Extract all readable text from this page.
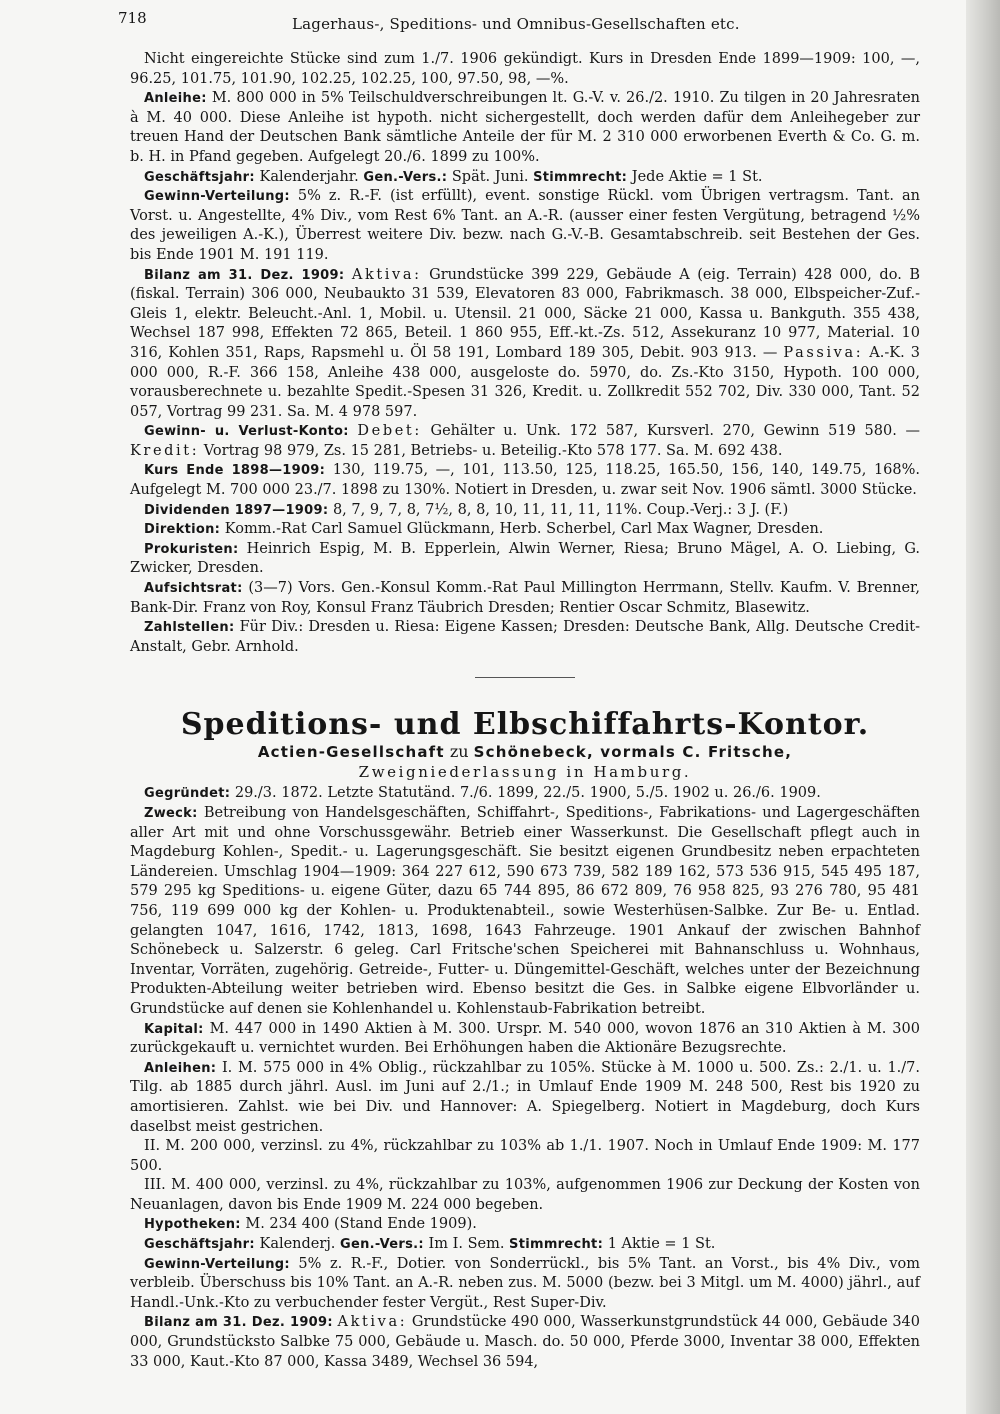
718	Lagerhaus-, Speditions- und Omnibus-Gesellschaften etc.

Nicht eingereichte Stücke sind zum 1./7. 1906 gekündigt. Kurs in Dresden Ende 1899—1909: 100, —, 96.25, 101.75, 101.90, 102.25, 102.25, 100, 97.50, 98, —%.

Anleihe: M. 800 000 in 5% Teilschuldverschreibungen lt. G.-V. v. 26./2. 1910. Zu tilgen in 20 Jahresraten à M. 40 000. Diese Anleihe ist hypoth. nicht sichergestellt, doch werden dafür dem Anleihegeber zur treuen Hand der Deutschen Bank sämtliche Anteile der für M. 2 310 000 erworbenen Everth & Co. G. m. b. H. in Pfand gegeben. Aufgelegt 20./6. 1899 zu 100%.

Geschäftsjahr: Kalenderjahr. Gen.-Vers.: Spät. Juni. Stimmrecht: Jede Aktie = 1 St.

Gewinn-Verteilung: 5% z. R.-F. (ist erfüllt), event. sonstige Rückl. vom Übrigen vertragsm. Tant. an Vorst. u. Angestellte, 4% Div., vom Rest 6% Tant. an A.-R. (ausser einer festen Vergütung, betragend ½% des jeweiligen A.-K.), Überrest weitere Div. bezw. nach G.-V.-B. Gesamtabschreib. seit Bestehen der Ges. bis Ende 1901 M. 191 119.

Bilanz am 31. Dez. 1909: Aktiva: Grundstücke 399 229, Gebäude A (eig. Terrain) 428 000, do. B (fiskal. Terrain) 306 000, Neubaukto 31 539, Elevatoren 83 000, Fabrikmasch. 38 000, Elbspeicher-Zuf.-Gleis 1, elektr. Beleucht.-Anl. 1, Mobil. u. Utensil. 21 000, Säcke 21 000, Kassa u. Bankguth. 355 438, Wechsel 187 998, Effekten 72 865, Beteil. 1 860 955, Eff.-kt.-Zs. 512, Assekuranz 10 977, Material. 10 316, Kohlen 351, Raps, Rapsmehl u. Öl 58 191, Lombard 189 305, Debit. 903 913. — Passiva: A.-K. 3 000 000, R.-F. 366 158, Anleihe 438 000, ausgeloste do. 5970, do. Zs.-Kto 3150, Hypoth. 100 000, vorausberechnete u. bezahlte Spedit.-Spesen 31 326, Kredit. u. Zollkredit 552 702, Div. 330 000, Tant. 52 057, Vortrag 99 231. Sa. M. 4 978 597.

Gewinn- u. Verlust-Konto: Debet: Gehälter u. Unk. 172 587, Kursverl. 270, Gewinn 519 580. — Kredit: Vortrag 98 979, Zs. 15 281, Betriebs- u. Beteilig.-Kto 578 177. Sa. M. 692 438.

Kurs Ende 1898—1909: 130, 119.75, —, 101, 113.50, 125, 118.25, 165.50, 156, 140, 149.75, 168%. Aufgelegt M. 700 000 23./7. 1898 zu 130%. Notiert in Dresden, u. zwar seit Nov. 1906 sämtl. 3000 Stücke.

Dividenden 1897—1909: 8, 7, 9, 7, 8, 7½, 8, 8, 10, 11, 11, 11, 11%. Coup.-Verj.: 3 J. (F.)

Direktion: Komm.-Rat Carl Samuel Glückmann, Herb. Scherbel, Carl Max Wagner, Dresden.

Prokuristen: Heinrich Espig, M. B. Epperlein, Alwin Werner, Riesa; Bruno Mägel, A. O. Liebing, G. Zwicker, Dresden.

Aufsichtsrat: (3—7) Vors. Gen.-Konsul Komm.-Rat Paul Millington Herrmann, Stellv. Kaufm. V. Brenner, Bank-Dir. Franz von Roy, Konsul Franz Täubrich Dresden; Rentier Oscar Schmitz, Blasewitz.

Zahlstellen: Für Div.: Dresden u. Riesa: Eigene Kassen; Dresden: Deutsche Bank, Allg. Deutsche Credit-Anstalt, Gebr. Arnhold.

Speditions- und Elbschiffahrts-Kontor.

Actien-Gesellschaft zu Schönebeck, vormals C. Fritsche,

Zweigniederlassung in Hamburg.

Gegründet: 29./3. 1872. Letzte Statutänd. 7./6. 1899, 22./5. 1900, 5./5. 1902 u. 26./6. 1909.

Zweck: Betreibung von Handelsgeschäften, Schiffahrt-, Speditions-, Fabrikations- und Lagergeschäften aller Art mit und ohne Vorschussgewähr. Betrieb einer Wasserkunst. Die Gesellschaft pflegt auch in Magdeburg Kohlen-, Spedit.- u. Lagerungsgeschäft. Sie besitzt eigenen Grundbesitz neben erpachteten Ländereien. Umschlag 1904—1909: 364 227 612, 590 673 739, 582 189 162, 573 536 915, 545 495 187, 579 295 kg Speditions- u. eigene Güter, dazu 65 744 895, 86 672 809, 76 958 825, 93 276 780, 95 481 756, 119 699 000 kg der Kohlen- u. Produktenabteil., sowie Westerhüsen-Salbke. Zur Be- u. Entlad. gelangten 1047, 1616, 1742, 1813, 1698, 1643 Fahrzeuge. 1901 Ankauf der zwischen Bahnhof Schönebeck u. Salzerstr. 6 geleg. Carl Fritsche'schen Speicherei mit Bahnanschluss u. Wohnhaus, Inventar, Vorräten, zugehörig. Getreide-, Futter- u. Düngemittel-Geschäft, welches unter der Bezeichnung Produkten-Abteilung weiter betrieben wird. Ebenso besitzt die Ges. in Salbke eigene Elbvorländer u. Grundstücke auf denen sie Kohlenhandel u. Kohlenstaub-Fabrikation betreibt.

Kapital: M. 447 000 in 1490 Aktien à M. 300. Urspr. M. 540 000, wovon 1876 an 310 Aktien à M. 300 zurückgekauft u. vernichtet wurden. Bei Erhöhungen haben die Aktionäre Bezugsrechte.

Anleihen: I. M. 575 000 in 4% Oblig., rückzahlbar zu 105%. Stücke à M. 1000 u. 500. Zs.: 2./1. u. 1./7. Tilg. ab 1885 durch jährl. Ausl. im Juni auf 2./1.; in Umlauf Ende 1909 M. 248 500, Rest bis 1920 zu amortisieren. Zahlst. wie bei Div. und Hannover: A. Spiegelberg. Notiert in Magdeburg, doch Kurs daselbst meist gestrichen.

II. M. 200 000, verzinsl. zu 4%, rückzahlbar zu 103% ab 1./1. 1907. Noch in Umlauf Ende 1909: M. 177 500.

III. M. 400 000, verzinsl. zu 4%, rückzahlbar zu 103%, aufgenommen 1906 zur Deckung der Kosten von Neuanlagen, davon bis Ende 1909 M. 224 000 begeben.

Hypotheken: M. 234 400 (Stand Ende 1909).

Geschäftsjahr: Kalenderj. Gen.-Vers.: Im I. Sem. Stimmrecht: 1 Aktie = 1 St.

Gewinn-Verteilung: 5% z. R.-F., Dotier. von Sonderrückl., bis 5% Tant. an Vorst., bis 4% Div., vom verbleib. Überschuss bis 10% Tant. an A.-R. neben zus. M. 5000 (bezw. bei 3 Mitgl. um M. 4000) jährl., auf Handl.-Unk.-Kto zu verbuchender fester Vergüt., Rest Super-Div.

Bilanz am 31. Dez. 1909: Aktiva: Grundstücke 490 000, Wasserkunstgrundstück 44 000, Gebäude 340 000, Grundstücksto Salbke 75 000, Gebäude u. Masch. do. 50 000, Pferde 3000, Inventar 38 000, Effekten 33 000, Kaut.-Kto 87 000, Kassa 3489, Wechsel 36 594,
